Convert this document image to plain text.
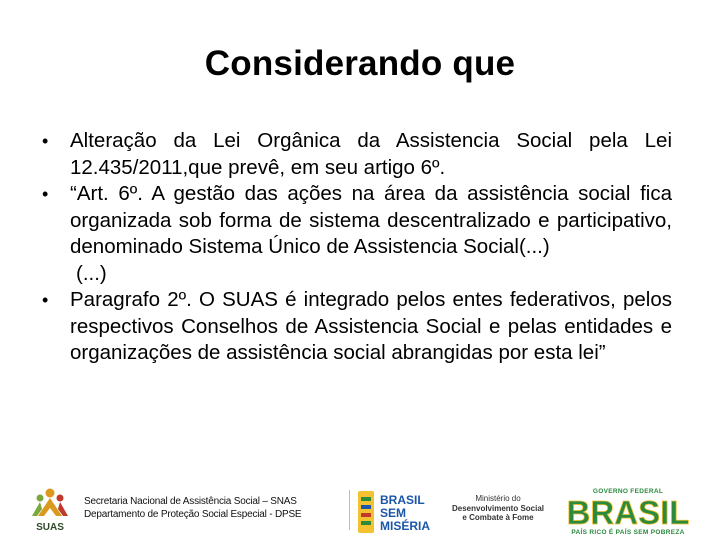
Considerando que
• Alteração da Lei Orgânica da Assistencia Social pela Lei 12.435/2011,que prevê, em seu artigo 6º.
• “Art. 6º. A gestão das ações na área da assistência social fica organizada sob forma de sistema descentralizado e participativo, denominado Sistema Único de Assistencia Social(...)
(...)
• Paragrafo 2º. O SUAS é integrado pelos entes federativos, pelos respectivos Conselhos de Assistencia Social e pelas entidades e organizações de assistência social abrangidas por esta lei”
SUAS
Secretaria Nacional de Assistência Social – SNAS
Departamento de Proteção Social Especial - DPSE
BRASIL
SEM
MISÉRIA
Ministério do
Desenvolvimento Social
e Combate à Fome
GOVERNO FEDERAL
BRASIL
PAÍS RICO É PAÍS SEM POBREZA
